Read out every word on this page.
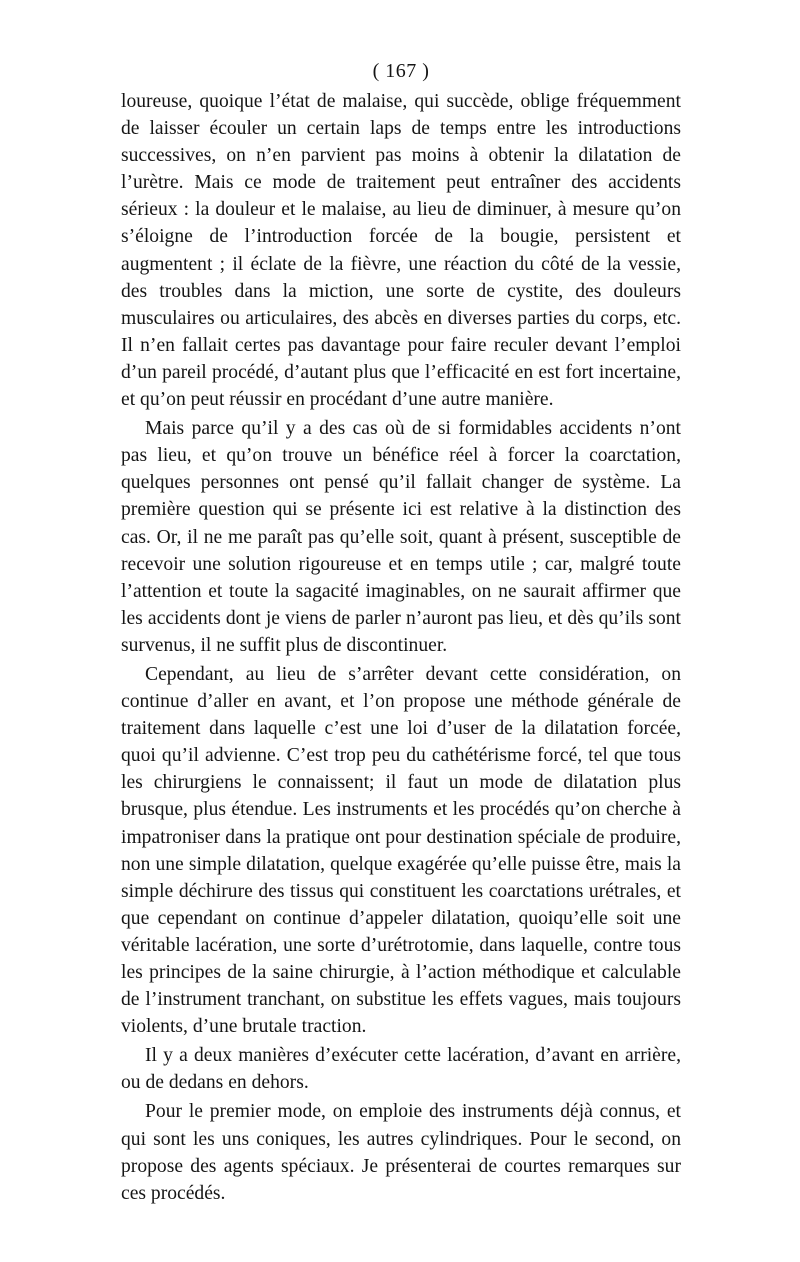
( 167 )

loureuse, quoique l’état de malaise, qui succède, oblige fréquemment de laisser écouler un certain laps de temps entre les introductions successives, on n’en parvient pas moins à obtenir la dilatation de l’urètre. Mais ce mode de traitement peut entraîner des accidents sérieux : la douleur et le malaise, au lieu de diminuer, à mesure qu’on s’éloigne de l’introduction forcée de la bougie, persistent et augmentent ; il éclate de la fièvre, une réaction du côté de la vessie, des troubles dans la miction, une sorte de cystite, des douleurs musculaires ou articulaires, des abcès en diverses parties du corps, etc. Il n’en fallait certes pas davantage pour faire reculer devant l’emploi d’un pareil procédé, d’autant plus que l’efficacité en est fort incertaine, et qu’on peut réussir en procédant d’une autre manière.

Mais parce qu’il y a des cas où de si formidables accidents n’ont pas lieu, et qu’on trouve un bénéfice réel à forcer la coarctation, quelques personnes ont pensé qu’il fallait changer de système. La première question qui se présente ici est relative à la distinction des cas. Or, il ne me paraît pas qu’elle soit, quant à présent, susceptible de recevoir une solution rigoureuse et en temps utile ; car, malgré toute l’attention et toute la sagacité imaginables, on ne saurait affirmer que les accidents dont je viens de parler n’auront pas lieu, et dès qu’ils sont survenus, il ne suffit plus de discontinuer.

Cependant, au lieu de s’arrêter devant cette considération, on continue d’aller en avant, et l’on propose une méthode générale de traitement dans laquelle c’est une loi d’user de la dilatation forcée, quoi qu’il advienne. C’est trop peu du cathétérisme forcé, tel que tous les chirurgiens le connaissent; il faut un mode de dilatation plus brusque, plus étendue. Les instruments et les procédés qu’on cherche à impatroniser dans la pratique ont pour destination spéciale de produire, non une simple dilatation, quelque exagérée qu’elle puisse être, mais la simple déchirure des tissus qui constituent les coarctations urétrales, et que cependant on continue d’appeler dilatation, quoiqu’elle soit une véritable lacération, une sorte d’urétrotomie, dans laquelle, contre tous les principes de la saine chirurgie, à l’action méthodique et calculable de l’instrument tranchant, on substitue les effets vagues, mais toujours violents, d’une brutale traction.

Il y a deux manières d’exécuter cette lacération, d’avant en arrière, ou de dedans en dehors.

Pour le premier mode, on emploie des instruments déjà connus, et qui sont les uns coniques, les autres cylindriques. Pour le second, on propose des agents spéciaux. Je présenterai de courtes remarques sur ces procédés.
